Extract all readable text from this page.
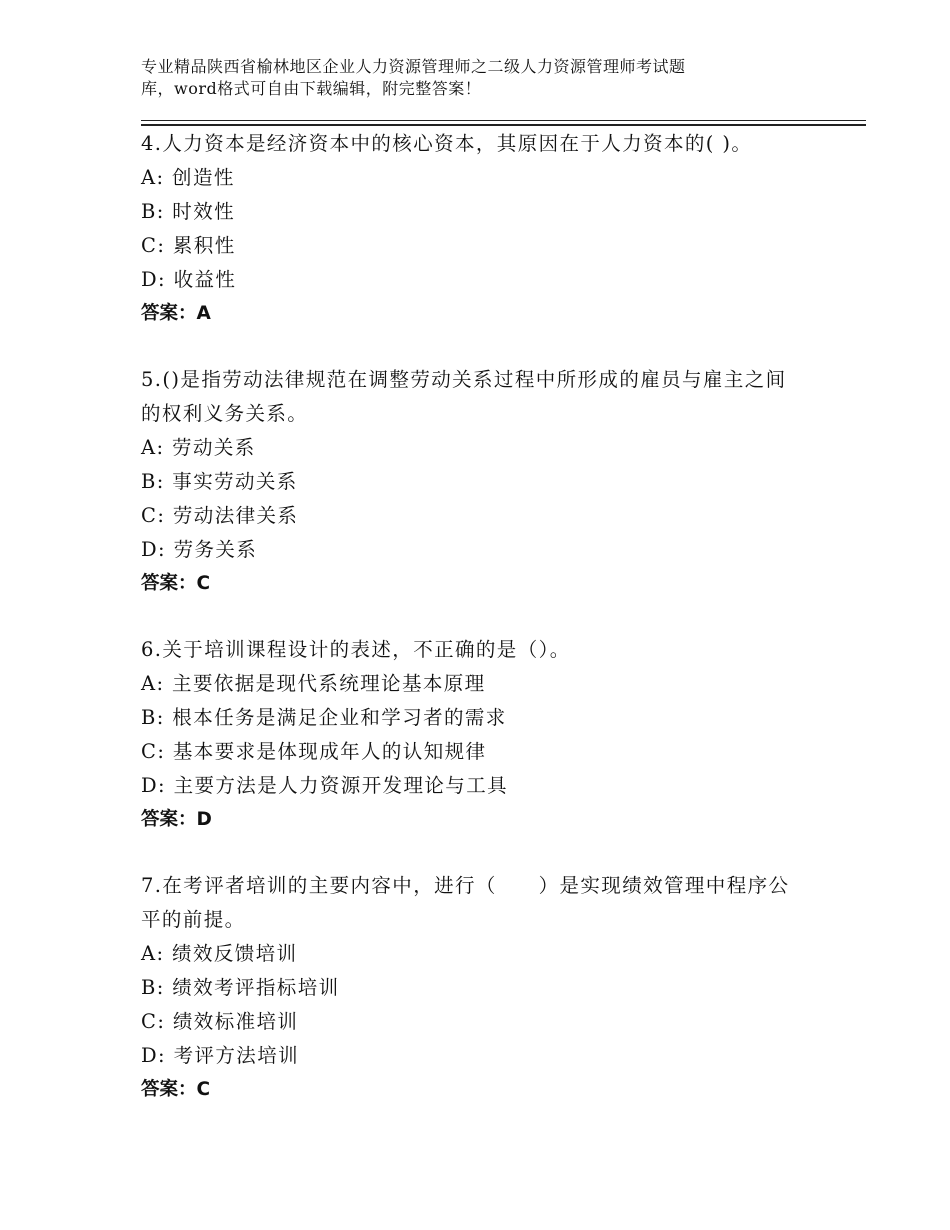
专业精品陕西省榆林地区企业人力资源管理师之二级人力资源管理师考试题
库，word格式可自由下载编辑，附完整答案！

4.人力资本是经济资本中的核心资本，其原因在于人力资本的( )。

A: 创造性

B: 时效性

C: 累积性

D: 收益性

答案：A

5.()是指劳动法律规范在调整劳动关系过程中所形成的雇员与雇主之间的权利义务关系。

A: 劳动关系

B: 事实劳动关系

C: 劳动法律关系

D: 劳务关系

答案：C

6.关于培训课程设计的表述，不正确的是（）。

A: 主要依据是现代系统理论基本原理

B: 根本任务是满足企业和学习者的需求

C: 基本要求是体现成年人的认知规律

D: 主要方法是人力资源开发理论与工具

答案：D

7.在考评者培训的主要内容中，进行（　　）是实现绩效管理中程序公平的前提。

A: 绩效反馈培训

B: 绩效考评指标培训

C: 绩效标准培训

D: 考评方法培训

答案：C
